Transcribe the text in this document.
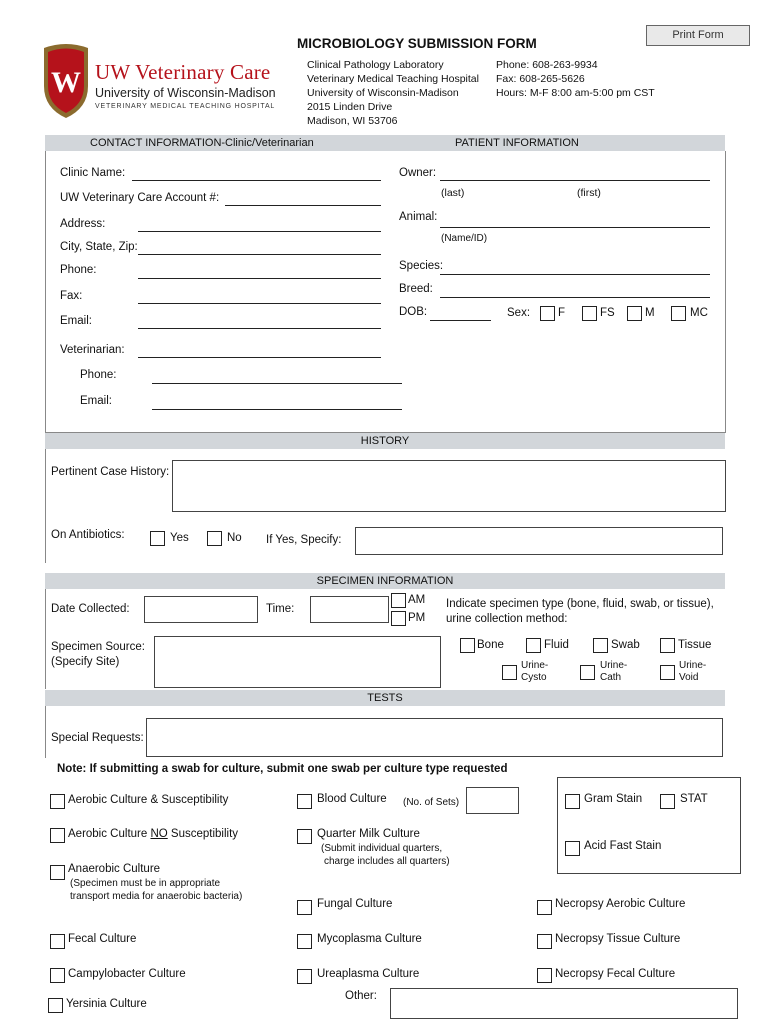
Print Form
W UW Veterinary Care
University of Wisconsin-Madison
VETERINARY MEDICAL TEACHING HOSPITAL
MICROBIOLOGY SUBMISSION FORM
Clinical Pathology Laboratory
Veterinary Medical Teaching Hospital
University of Wisconsin-Madison
2015 Linden Drive
Madison, WI 53706
Phone: 608-263-9934
Fax: 608-265-5626
Hours: M-F 8:00 am-5:00 pm CST
CONTACT INFORMATION-Clinic/Veterinarian	PATIENT INFORMATION
Clinic Name:
UW Veterinary Care Account #:
Address:
City, State, Zip:
Phone:
Fax:
Email:
Veterinarian:
Phone:
Email:
Owner:
(last)	(first)
Animal:
(Name/ID)
Species:
Breed:
DOB:	Sex: F	FS	M	MC
HISTORY
Pertinent Case History:
On Antibiotics:	Yes	No If Yes, Specify:
SPECIMEN INFORMATION
Date Collected:	Time:
AM
PM
Indicate specimen type (bone, fluid, swab, or tissue),
urine collection method:
Specimen Source:
(Specify Site)
Bone	Fluid	Swab	Tissue
Urine-
Cysto
Urine-
Cath
Urine-
Void
TESTS
Special Requests:
Note: If submitting a swab for culture, submit one swab per culture type requested
Aerobic Culture & Susceptibility
Aerobic Culture NO Susceptibility
Anaerobic Culture
(Specimen must be in appropriate
transport media for anaerobic bacteria)
Fecal Culture
Campylobacter Culture
Yersinia Culture
Blood Culture (No. of Sets)
Quarter Milk Culture
(Submit individual quarters,
charge includes all quarters)
Fungal Culture
Mycoplasma Culture
Ureaplasma Culture
Other:
Gram Stain	STAT
Acid Fast Stain
Necropsy Aerobic Culture
Necropsy Tissue Culture
Necropsy Fecal Culture
